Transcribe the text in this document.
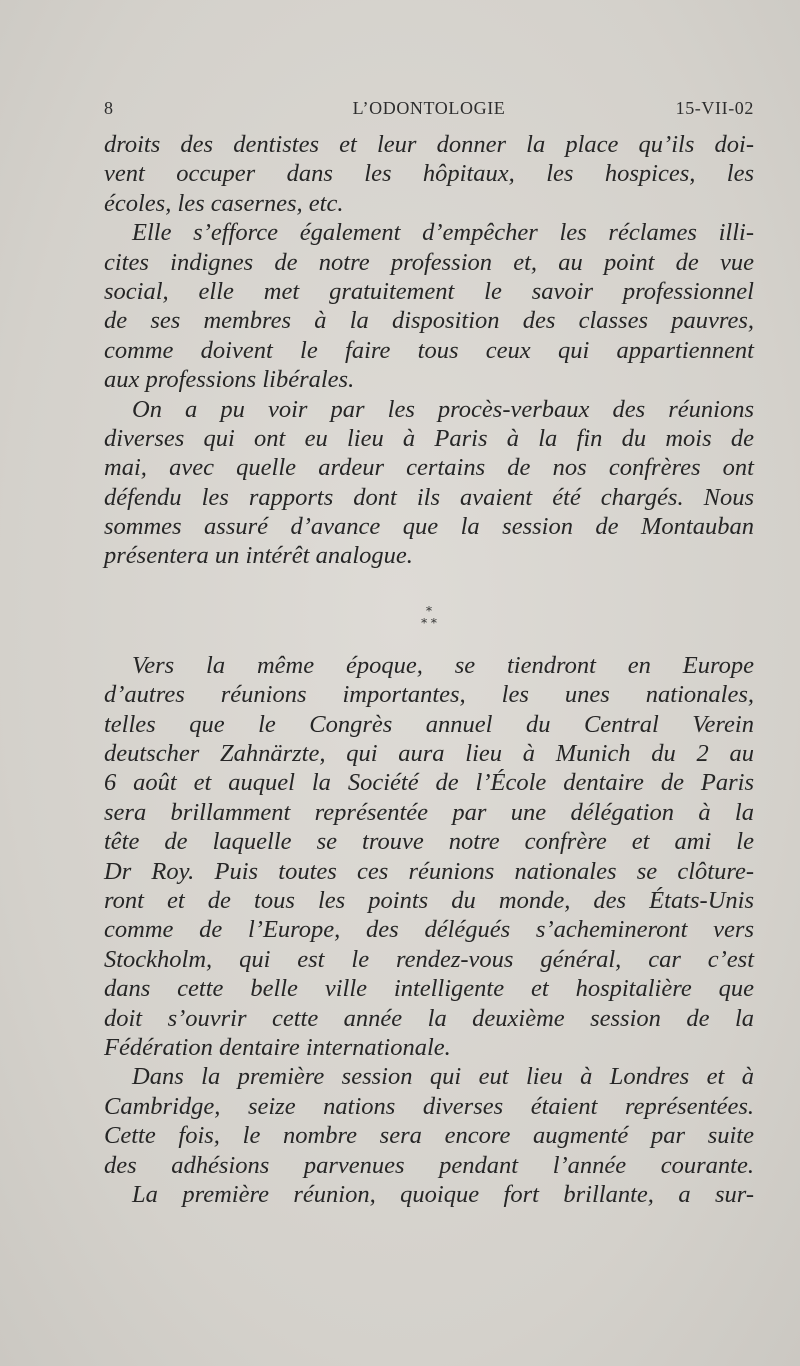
8	L’ODONTOLOGIE	15-VII-02
droits des dentistes et leur donner la place qu’ils doi-
vent occuper dans les hôpitaux, les hospices, les
écoles, les casernes, etc.
Elle s’efforce également d’empêcher les réclames illi-
cites indignes de notre profession et, au point de vue
social, elle met gratuitement le savoir professionnel
de ses membres à la disposition des classes pauvres,
comme doivent le faire tous ceux qui appartiennent
aux professions libérales.
On a pu voir par les procès-verbaux des réunions
diverses qui ont eu lieu à Paris à la fin du mois de
mai, avec quelle ardeur certains de nos confrères ont
défendu les rapports dont ils avaient été chargés. Nous
sommes assuré d’avance que la session de Montauban
présentera un intérêt analogue.
Vers la même époque, se tiendront en Europe
d’autres réunions importantes, les unes nationales,
telles que le Congrès annuel du Central Verein
deutscher Zahnärzte, qui aura lieu à Munich du 2 au
6 août et auquel la Société de l’École dentaire de Paris
sera brillamment représentée par une délégation à la
tête de laquelle se trouve notre confrère et ami le
Dr Roy. Puis toutes ces réunions nationales se clôture-
ront et de tous les points du monde, des États-Unis
comme de l’Europe, des délégués s’achemineront vers
Stockholm, qui est le rendez-vous général, car c’est
dans cette belle ville intelligente et hospitalière que
doit s’ouvrir cette année la deuxième session de la
Fédération dentaire internationale.
Dans la première session qui eut lieu à Londres et à
Cambridge, seize nations diverses étaient représentées.
Cette fois, le nombre sera encore augmenté par suite
des adhésions parvenues pendant l’année courante.
La première réunion, quoique fort brillante, a sur-
*
* *
